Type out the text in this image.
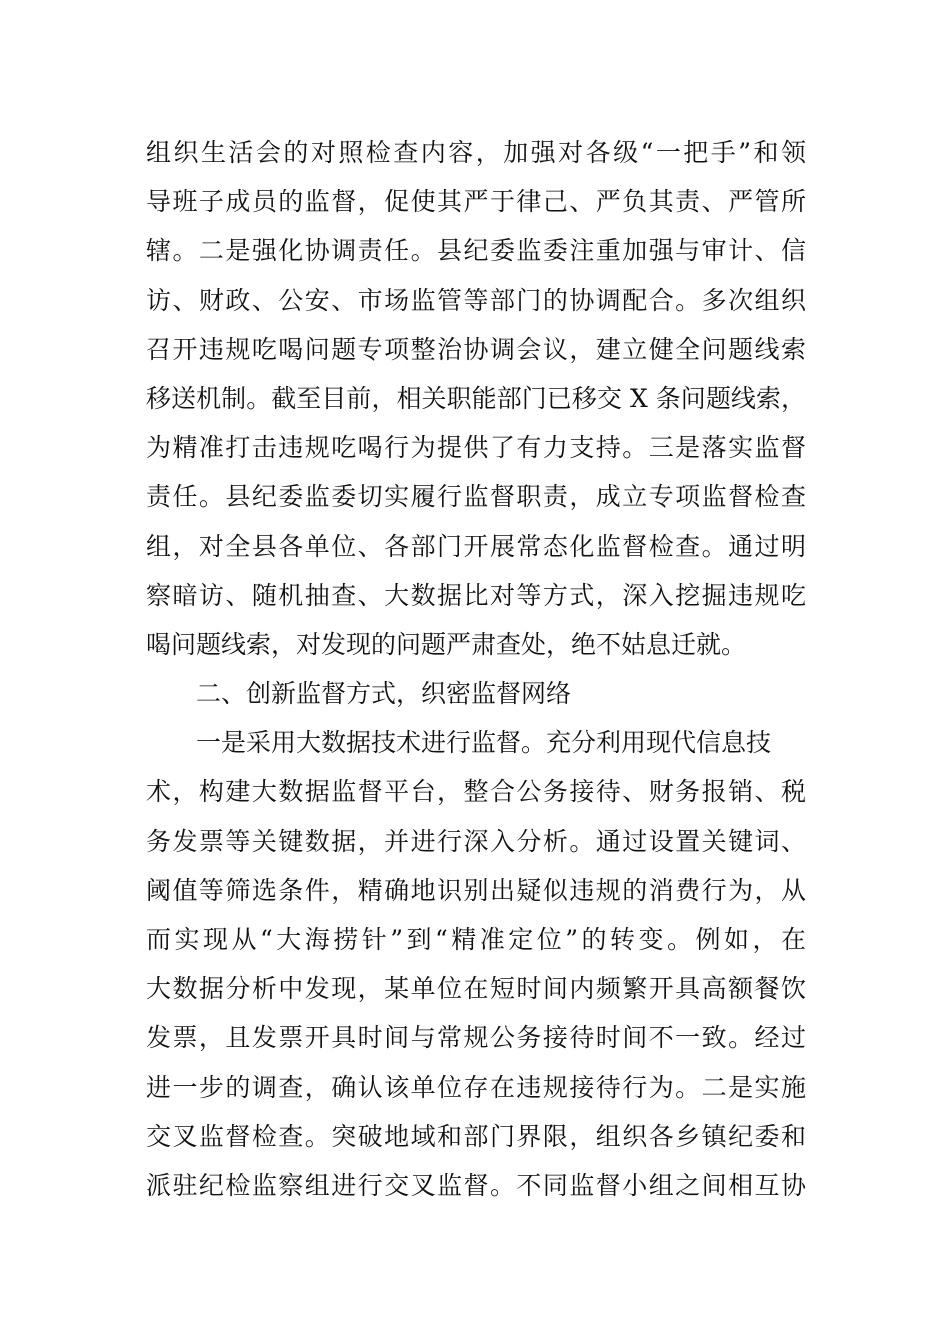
组织生活会的对照检查内容，加强对各级“一把手”和领
导班子成员的监督，促使其严于律己、严负其责、严管所
辖。二是强化协调责任。县纪委监委注重加强与审计、信
访、财政、公安、市场监管等部门的协调配合。多次组织
召开违规吃喝问题专项整治协调会议，建立健全问题线索
移送机制。截至目前，相关职能部门已移交 X 条问题线索，
为精准打击违规吃喝行为提供了有力支持。三是落实监督
责任。县纪委监委切实履行监督职责，成立专项监督检查
组，对全县各单位、各部门开展常态化监督检查。通过明
察暗访、随机抽查、大数据比对等方式，深入挖掘违规吃
喝问题线索，对发现的问题严肃查处，绝不姑息迁就。
二、创新监督方式，织密监督网络
一是采用大数据技术进行监督。充分利用现代信息技
术，构建大数据监督平台，整合公务接待、财务报销、税
务发票等关键数据，并进行深入分析。通过设置关键词、
阈值等筛选条件，精确地识别出疑似违规的消费行为，从
而实现从“大海捞针”到“精准定位”的转变。例如，在
大数据分析中发现，某单位在短时间内频繁开具高额餐饮
发票，且发票开具时间与常规公务接待时间不一致。经过
进一步的调查，确认该单位存在违规接待行为。二是实施
交叉监督检查。突破地域和部门界限，组织各乡镇纪委和
派驻纪检监察组进行交叉监督。不同监督小组之间相互协
